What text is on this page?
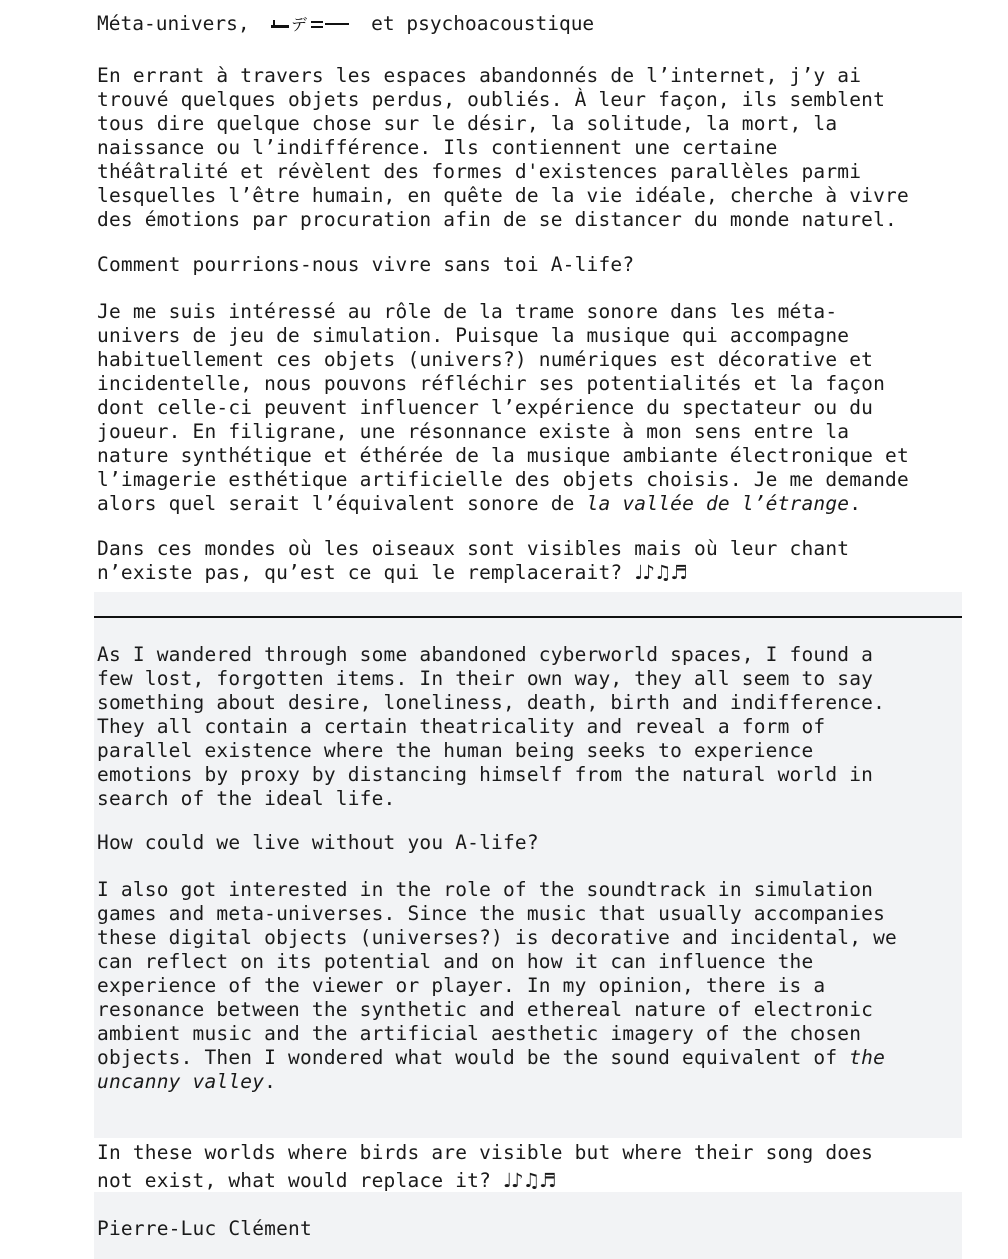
Méta-univers, デ	et psychoacoustique

En errant à travers les espaces abandonnés de l’internet, j’y ai
trouvé quelques objets perdus, oubliés. À leur façon, ils semblent
tous dire quelque chose sur le désir, la solitude, la mort, la
naissance ou l’indifférence. Ils contiennent une certaine
théâtralité et révèlent des formes d'existences parallèles parmi
lesquelles l’être humain, en quête de la vie idéale, cherche à vivre
des émotions par procuration afin de se distancer du monde naturel.

Comment pourrions-nous vivre sans toi A-life?

Je me suis intéressé au rôle de la trame sonore dans les méta-
univers de jeu de simulation. Puisque la musique qui accompagne
habituellement ces objets (univers?) numériques est décorative et
incidentelle, nous pouvons réfléchir ses potentialités et la façon
dont celle-ci peuvent influencer l’expérience du spectateur ou du
joueur. En filigrane, une résonnance existe à mon sens entre la
nature synthétique et éthérée de la musique ambiante électronique et
l’imagerie esthétique artificielle des objets choisis. Je me demande
alors quel serait l’équivalent sonore de la vallée de l’étrange.

Dans ces mondes où les oiseaux sont visibles mais où leur chant
n’existe pas, qu’est ce qui le remplacerait? ♩♪♫♬

As I wandered through some abandoned cyberworld spaces, I found a
few lost, forgotten items. In their own way, they all seem to say
something about desire, loneliness, death, birth and indifference.
They all contain a certain theatricality and reveal a form of
parallel existence where the human being seeks to experience
emotions by proxy by distancing himself from the natural world in
search of the ideal life.

How could we live without you A-life?

I also got interested in the role of the soundtrack in simulation
games and meta-universes. Since the music that usually accompanies
these digital objects (universes?) is decorative and incidental, we
can reflect on its potential and on how it can influence the
experience of the viewer or player. In my opinion, there is a
resonance between the synthetic and ethereal nature of electronic
ambient music and the artificial aesthetic imagery of the chosen
objects. Then I wondered what would be the sound equivalent of the
uncanny valley.

In these worlds where birds are visible but where their song does
not exist, what would replace it? ♩♪♫♬

Pierre-Luc Clément
